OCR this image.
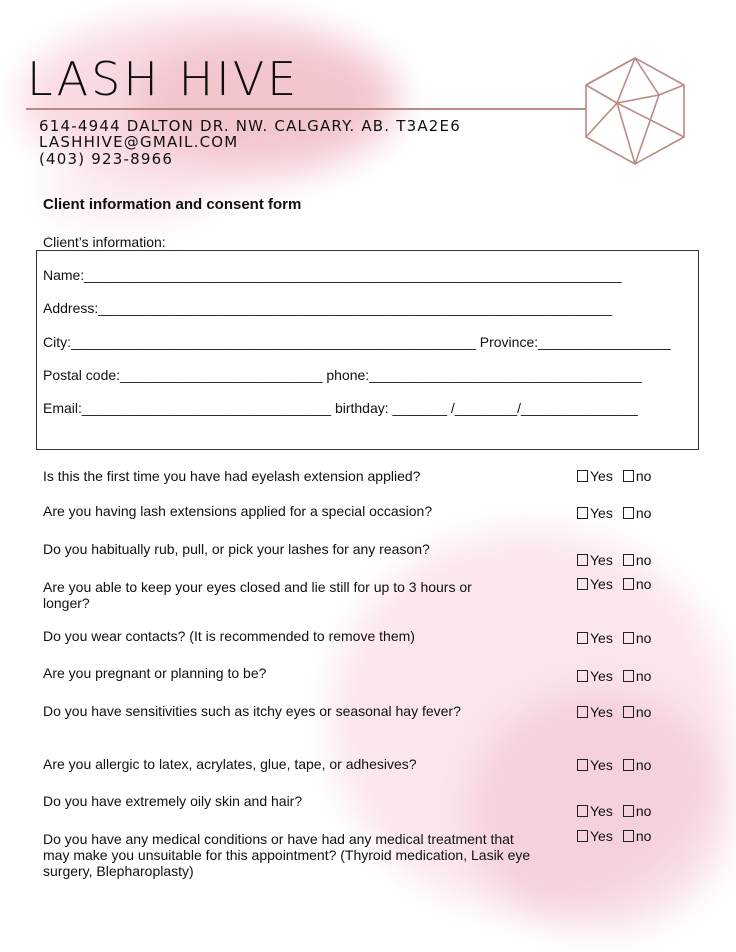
LASH HIVE
614-4944 DALTON DR. NW. CALGARY. AB. T3A2E6
LASHHIVE@GMAIL.COM
(403) 923-8966
Client information and consent form
Client’s information:
Name:_____________________________________________________________________
Address:__________________________________________________________________
City:____________________________________________________ Province:_________________
Postal code:__________________________ phone:___________________________________
Email:________________________________ birthday: _______ /________/_______________
Is this the first time you have had eyelash extension applied?	Yes no
Are you having lash extensions applied for a special occasion?	Yes no
Do you habitually rub, pull, or pick your lashes for any reason?
Yes no
Are you able to keep your eyes closed and lie still for up to 3 hours or longer?
Yes no
Do you wear contacts? (It is recommended to remove them)	Yes no
Are you pregnant or planning to be?	Yes no
Do you have sensitivities such as itchy eyes or seasonal hay fever?	Yes no
Are you allergic to latex, acrylates, glue, tape, or adhesives?	Yes no
Do you have extremely oily skin and hair?
Yes no
Do you have any medical conditions or have had any medical treatment that may make you unsuitable for this appointment? (Thyroid medication, Lasik eye surgery, Blepharoplasty)
Yes no
